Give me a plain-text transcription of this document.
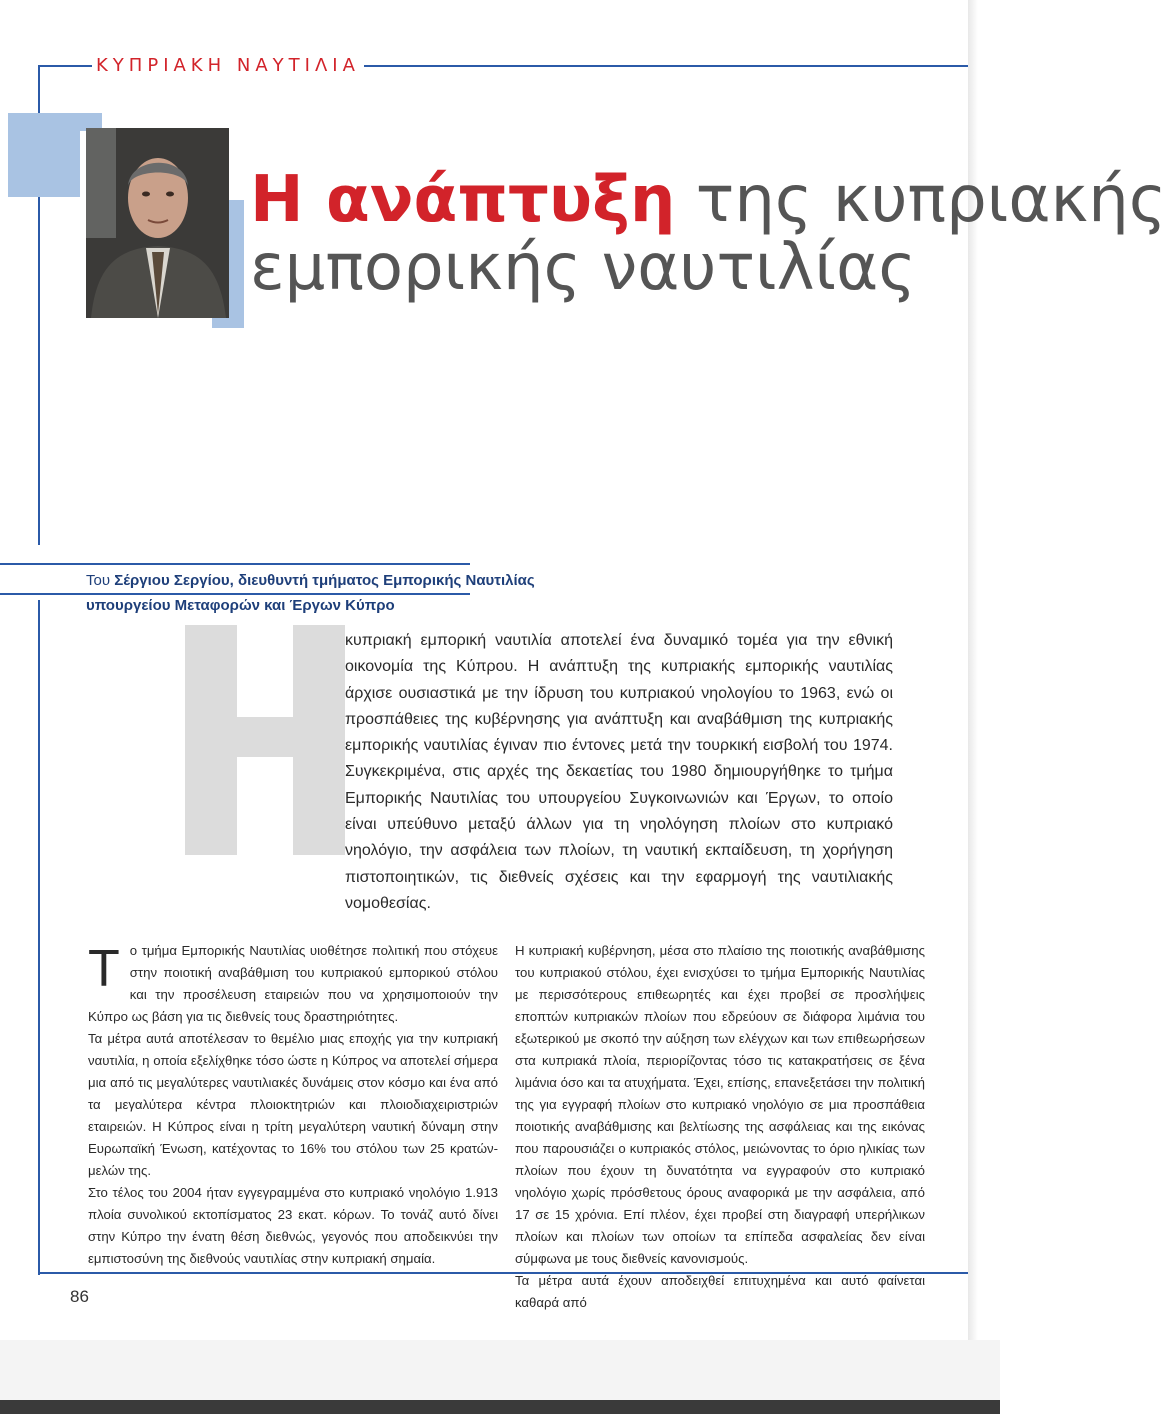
ΚΥΠΡΙΑΚΗ ΝΑΥΤΙΛΙΑ
Η ανάπτυξη της κυπριακής
εμπορικής ναυτιλίας
Του Σέργιου Σεργίου, διευθυντή τμήματος Εμπορικής Ναυτιλίας
υπουργείου Μεταφορών και Έργων Κύπρο
κυπριακή εμπορική ναυτιλία αποτελεί ένα δυναμικό τομέα για την εθνική οικονομία της Κύπρου. Η ανάπτυξη της κυπριακής εμπορικής ναυτιλίας άρχισε ουσιαστικά με την ίδρυση του κυπριακού νηολογίου το 1963, ενώ οι προσπάθειες της κυβέρνησης για ανάπτυξη και αναβάθμιση της κυπριακής εμπορικής ναυτιλίας έγιναν πιο έντονες μετά την τουρκική εισβολή του 1974. Συγκεκριμένα, στις αρχές της δεκαετίας του 1980 δημιουργήθηκε το τμήμα Εμπορικής Ναυτιλίας του υπουργείου Συγκοινωνιών και Έργων, το οποίο είναι υπεύθυνο μεταξύ άλλων για τη νηολόγηση πλοίων στο κυπριακό νηολόγιο, την ασφάλεια των πλοίων, τη ναυτική εκπαίδευση, τη χορήγηση πιστοποιητικών, τις διεθνείς σχέσεις και την εφαρμογή της ναυτιλιακής νομοθεσίας.

Το τμήμα Εμπορικής Ναυτιλίας υιοθέτησε πολιτική που στόχευε στην ποιοτική αναβάθμιση του κυπριακού εμπορικού στόλου και την προσέλευση εταιρειών που να χρησιμοποιούν την Κύπρο ως βάση για τις διεθνείς τους δραστηριότητες.

Τα μέτρα αυτά αποτέλεσαν το θεμέλιο μιας εποχής για την κυπριακή ναυτιλία, η οποία εξελίχθηκε τόσο ώστε η Κύπρος να αποτελεί σήμερα μια από τις μεγαλύτερες ναυτιλιακές δυνάμεις στον κόσμο και ένα από τα μεγαλύτερα κέντρα πλοιοκτητριών και πλοιοδιαχειριστριών εταιρειών. Η Κύπρος είναι η τρίτη μεγαλύτερη ναυτική δύναμη στην Ευρωπαϊκή Ένωση, κατέχοντας το 16% του στόλου των 25 κρατών-μελών της.

Στο τέλος του 2004 ήταν εγγεγραμμένα στο κυπριακό νηολόγιο 1.913 πλοία συνολικού εκτοπίσματος 23 εκατ. κόρων. Το τονάζ αυτό δίνει στην Κύπρο την ένατη θέση διεθνώς, γεγονός που αποδεικνύει την εμπιστοσύνη της διεθνούς ναυτιλίας στην κυπριακή σημαία.

Η κυπριακή κυβέρνηση, μέσα στο πλαίσιο της ποιοτικής αναβάθμισης του κυπριακού στόλου, έχει ενισχύσει το τμήμα Εμπορικής Ναυτιλίας με περισσότερους επιθεωρητές και έχει προβεί σε προσλήψεις εποπτών κυπριακών πλοίων που εδρεύουν σε διάφορα λιμάνια του εξωτερικού με σκοπό την αύξηση των ελέγχων και των επιθεωρήσεων στα κυπριακά πλοία, περιορίζοντας τόσο τις κατακρατήσεις σε ξένα λιμάνια όσο και τα ατυχήματα. Έχει, επίσης, επανεξετάσει την πολιτική της για εγγραφή πλοίων στο κυπριακό νηολόγιο σε μια προσπάθεια ποιοτικής αναβάθμισης και βελτίωσης της ασφάλειας και της εικόνας που παρουσιάζει ο κυπριακός στόλος, μειώνοντας το όριο ηλικίας των πλοίων που έχουν τη δυνατότητα να εγγραφούν στο κυπριακό νηολόγιο χωρίς πρόσθετους όρους αναφορικά με την ασφάλεια, από 17 σε 15 χρόνια. Επί πλέον, έχει προβεί στη διαγραφή υπερήλικων πλοίων και πλοίων των οποίων τα επίπεδα ασφαλείας δεν είναι σύμφωνα με τους διεθνείς κανονισμούς.

Τα μέτρα αυτά έχουν αποδειχθεί επιτυχημένα και αυτό φαίνεται καθαρά από

86
